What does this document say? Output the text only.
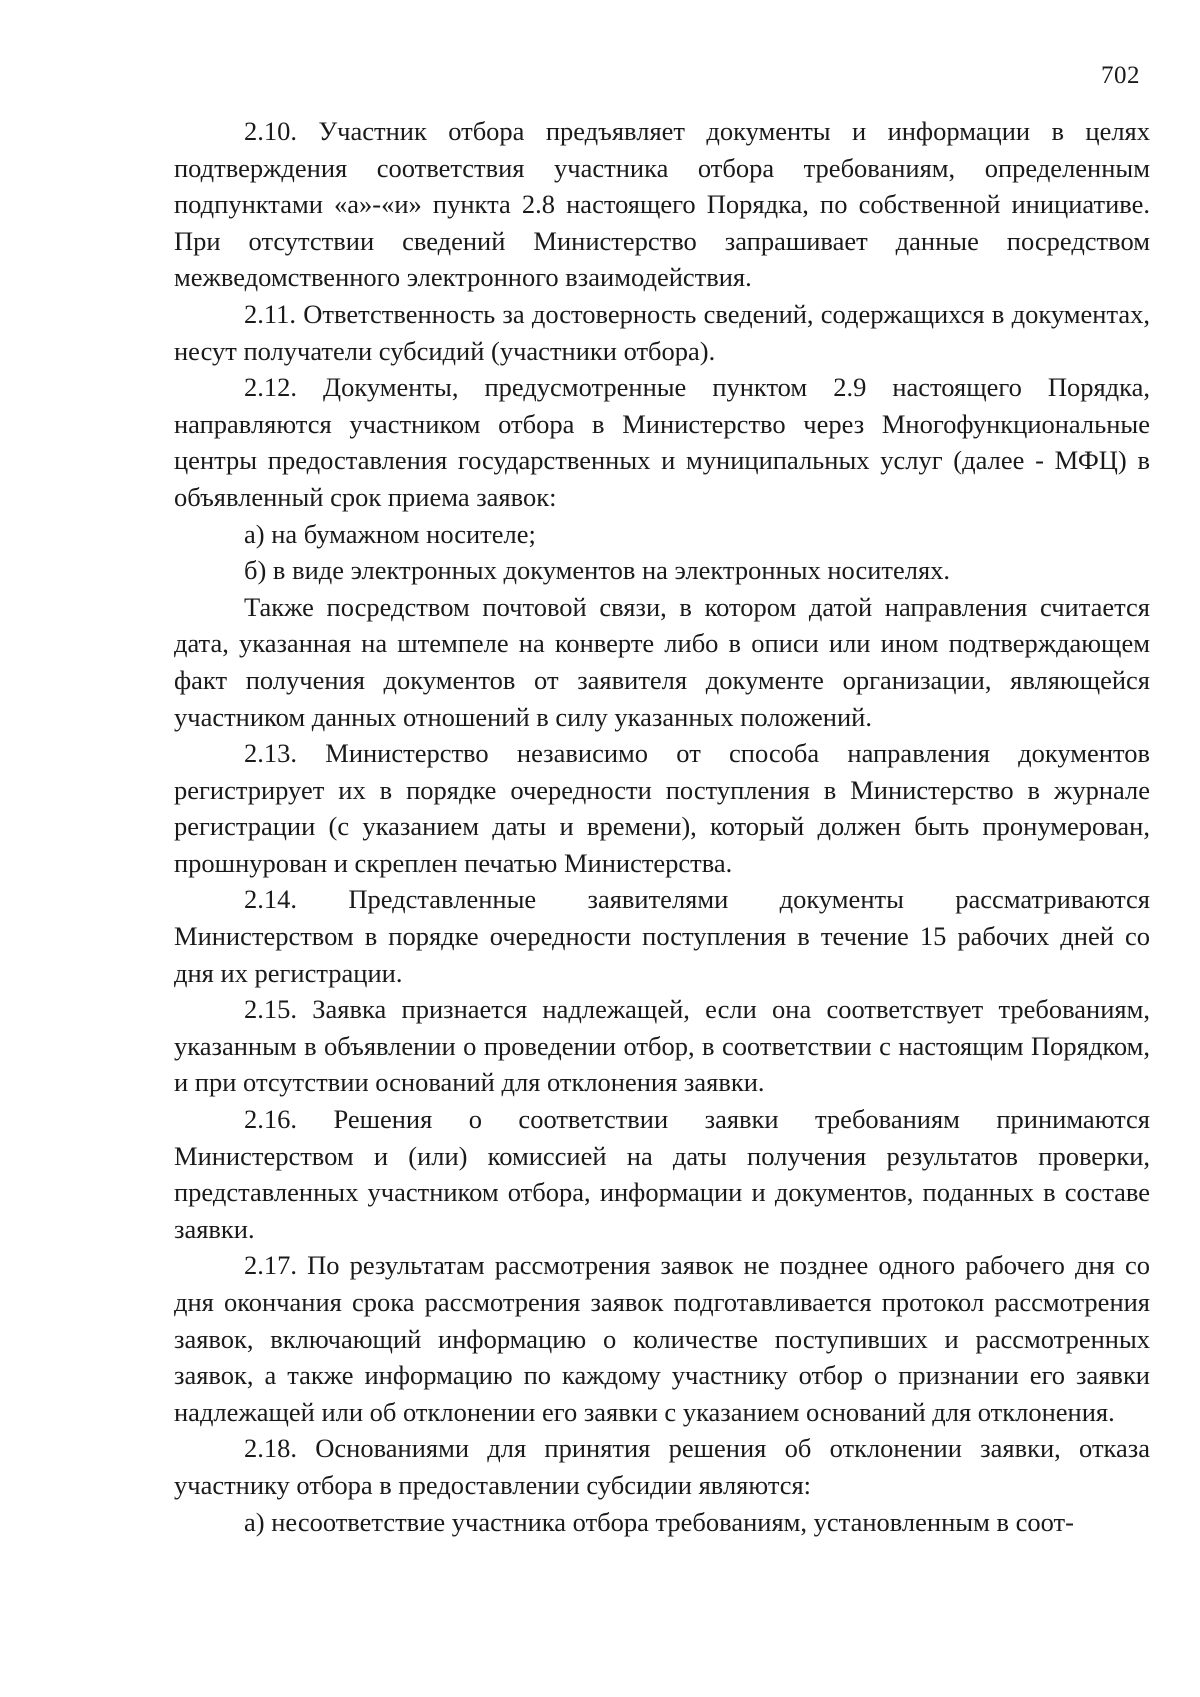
702

2.10. Участник отбора предъявляет документы и информации в целях подтверждения соответствия участника отбора требованиям, определенным подпунктами «а»-«и» пункта 2.8 настоящего Порядка, по собственной инициативе. При отсутствии сведений Министерство запрашивает данные посредством межведомственного электронного взаимодействия.

2.11. Ответственность за достоверность сведений, содержащихся в документах, несут получатели субсидий (участники отбора).

2.12. Документы, предусмотренные пунктом 2.9 настоящего Порядка, направляются участником отбора в Министерство через Многофункциональные центры предоставления государственных и муниципальных услуг (далее - МФЦ) в объявленный срок приема заявок:

а) на бумажном носителе;

б) в виде электронных документов на электронных носителях.

Также посредством почтовой связи, в котором датой направления считается дата, указанная на штемпеле на конверте либо в описи или ином подтверждающем факт получения документов от заявителя документе организации, являющейся участником данных отношений в силу указанных положений.

2.13. Министерство независимо от способа направления документов регистрирует их в порядке очередности поступления в Министерство в журнале регистрации (с указанием даты и времени), который должен быть пронумерован, прошнурован и скреплен печатью Министерства.

2.14. Представленные заявителями документы рассматриваются Министерством в порядке очередности поступления в течение 15 рабочих дней со дня их регистрации.

2.15. Заявка признается надлежащей, если она соответствует требованиям, указанным в объявлении о проведении отбор, в соответствии с настоящим Порядком, и при отсутствии оснований для отклонения заявки.

2.16. Решения о соответствии заявки требованиям принимаются Министерством и (или) комиссией на даты получения результатов проверки, представленных участником отбора, информации и документов, поданных в составе заявки.

2.17. По результатам рассмотрения заявок не позднее одного рабочего дня со дня окончания срока рассмотрения заявок подготавливается протокол рассмотрения заявок, включающий информацию о количестве поступивших и рассмотренных заявок, а также информацию по каждому участнику отбор о признании его заявки надлежащей или об отклонении его заявки с указанием оснований для отклонения.

2.18. Основаниями для принятия решения об отклонении заявки, отказа участнику отбора в предоставлении субсидии являются:

а) несоответствие участника отбора требованиям, установленным в соот-
